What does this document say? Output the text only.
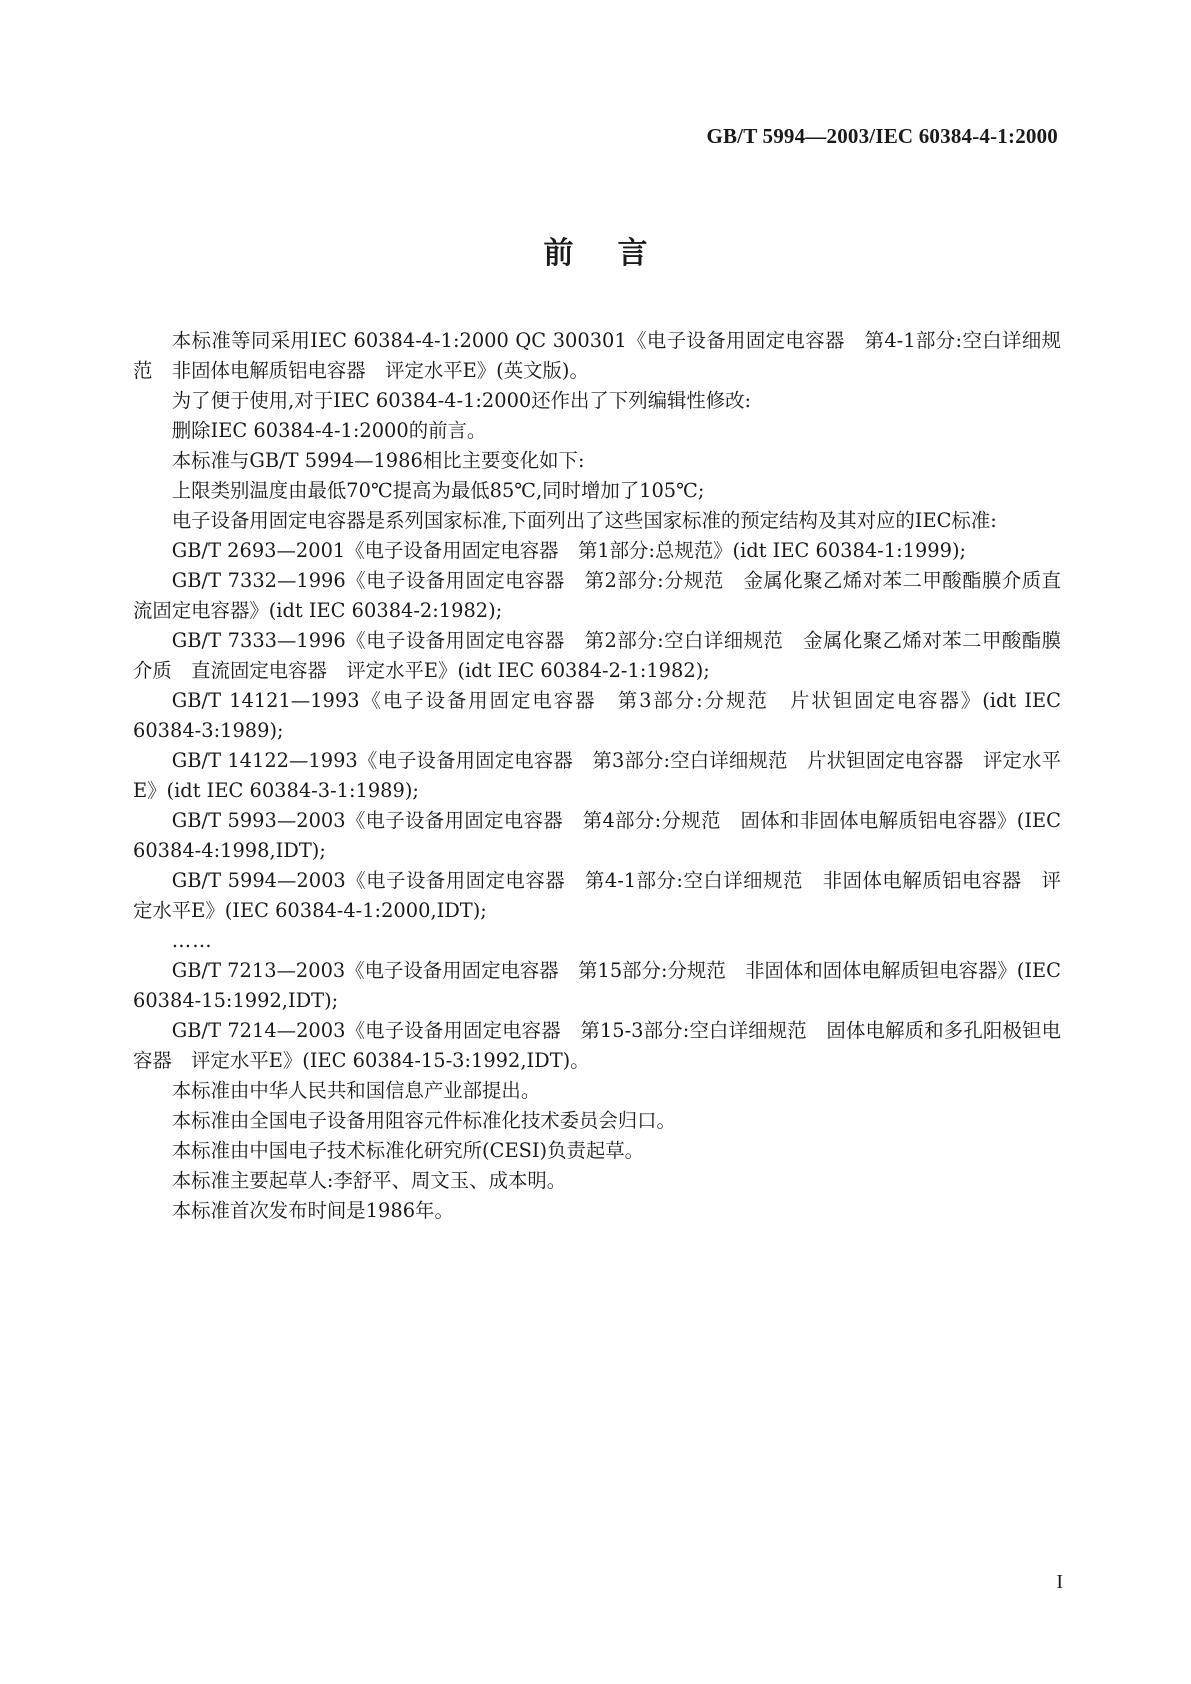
GB/T 5994—2003/IEC 60384-4-1:2000
前言

本标准等同采用IEC 60384-4-1:2000 QC 300301《电子设备用固定电容器　第4-1部分:空白详细规范　非固体电解质铝电容器　评定水平E》(英文版)。

为了便于使用,对于IEC 60384-4-1:2000还作出了下列编辑性修改:

删除IEC 60384-4-1:2000的前言。

本标准与GB/T 5994—1986相比主要变化如下:

上限类别温度由最低70℃提高为最低85℃,同时增加了105℃;

电子设备用固定电容器是系列国家标准,下面列出了这些国家标准的预定结构及其对应的IEC标准:

GB/T 2693—2001《电子设备用固定电容器　第1部分:总规范》(idt IEC 60384-1:1999);

GB/T 7332—1996《电子设备用固定电容器　第2部分:分规范　金属化聚乙烯对苯二甲酸酯膜介质直流固定电容器》(idt IEC 60384-2:1982);

GB/T 7333—1996《电子设备用固定电容器　第2部分:空白详细规范　金属化聚乙烯对苯二甲酸酯膜介质　直流固定电容器　评定水平E》(idt IEC 60384-2-1:1982);

GB/T 14121—1993《电子设备用固定电容器　第3部分:分规范　片状钽固定电容器》(idt IEC 60384-3:1989);

GB/T 14122—1993《电子设备用固定电容器　第3部分:空白详细规范　片状钽固定电容器　评定水平E》(idt IEC 60384-3-1:1989);

GB/T 5993—2003《电子设备用固定电容器　第4部分:分规范　固体和非固体电解质铝电容器》(IEC 60384-4:1998,IDT);

GB/T 5994—2003《电子设备用固定电容器　第4-1部分:空白详细规范　非固体电解质铝电容器　评定水平E》(IEC 60384-4-1:2000,IDT);

……

GB/T 7213—2003《电子设备用固定电容器　第15部分:分规范　非固体和固体电解质钽电容器》(IEC 60384-15:1992,IDT);

GB/T 7214—2003《电子设备用固定电容器　第15-3部分:空白详细规范　固体电解质和多孔阳极钽电容器　评定水平E》(IEC 60384-15-3:1992,IDT)。

本标准由中华人民共和国信息产业部提出。

本标准由全国电子设备用阻容元件标准化技术委员会归口。

本标准由中国电子技术标准化研究所(CESI)负责起草。

本标准主要起草人:李舒平、周文玉、成本明。

本标准首次发布时间是1986年。

I
